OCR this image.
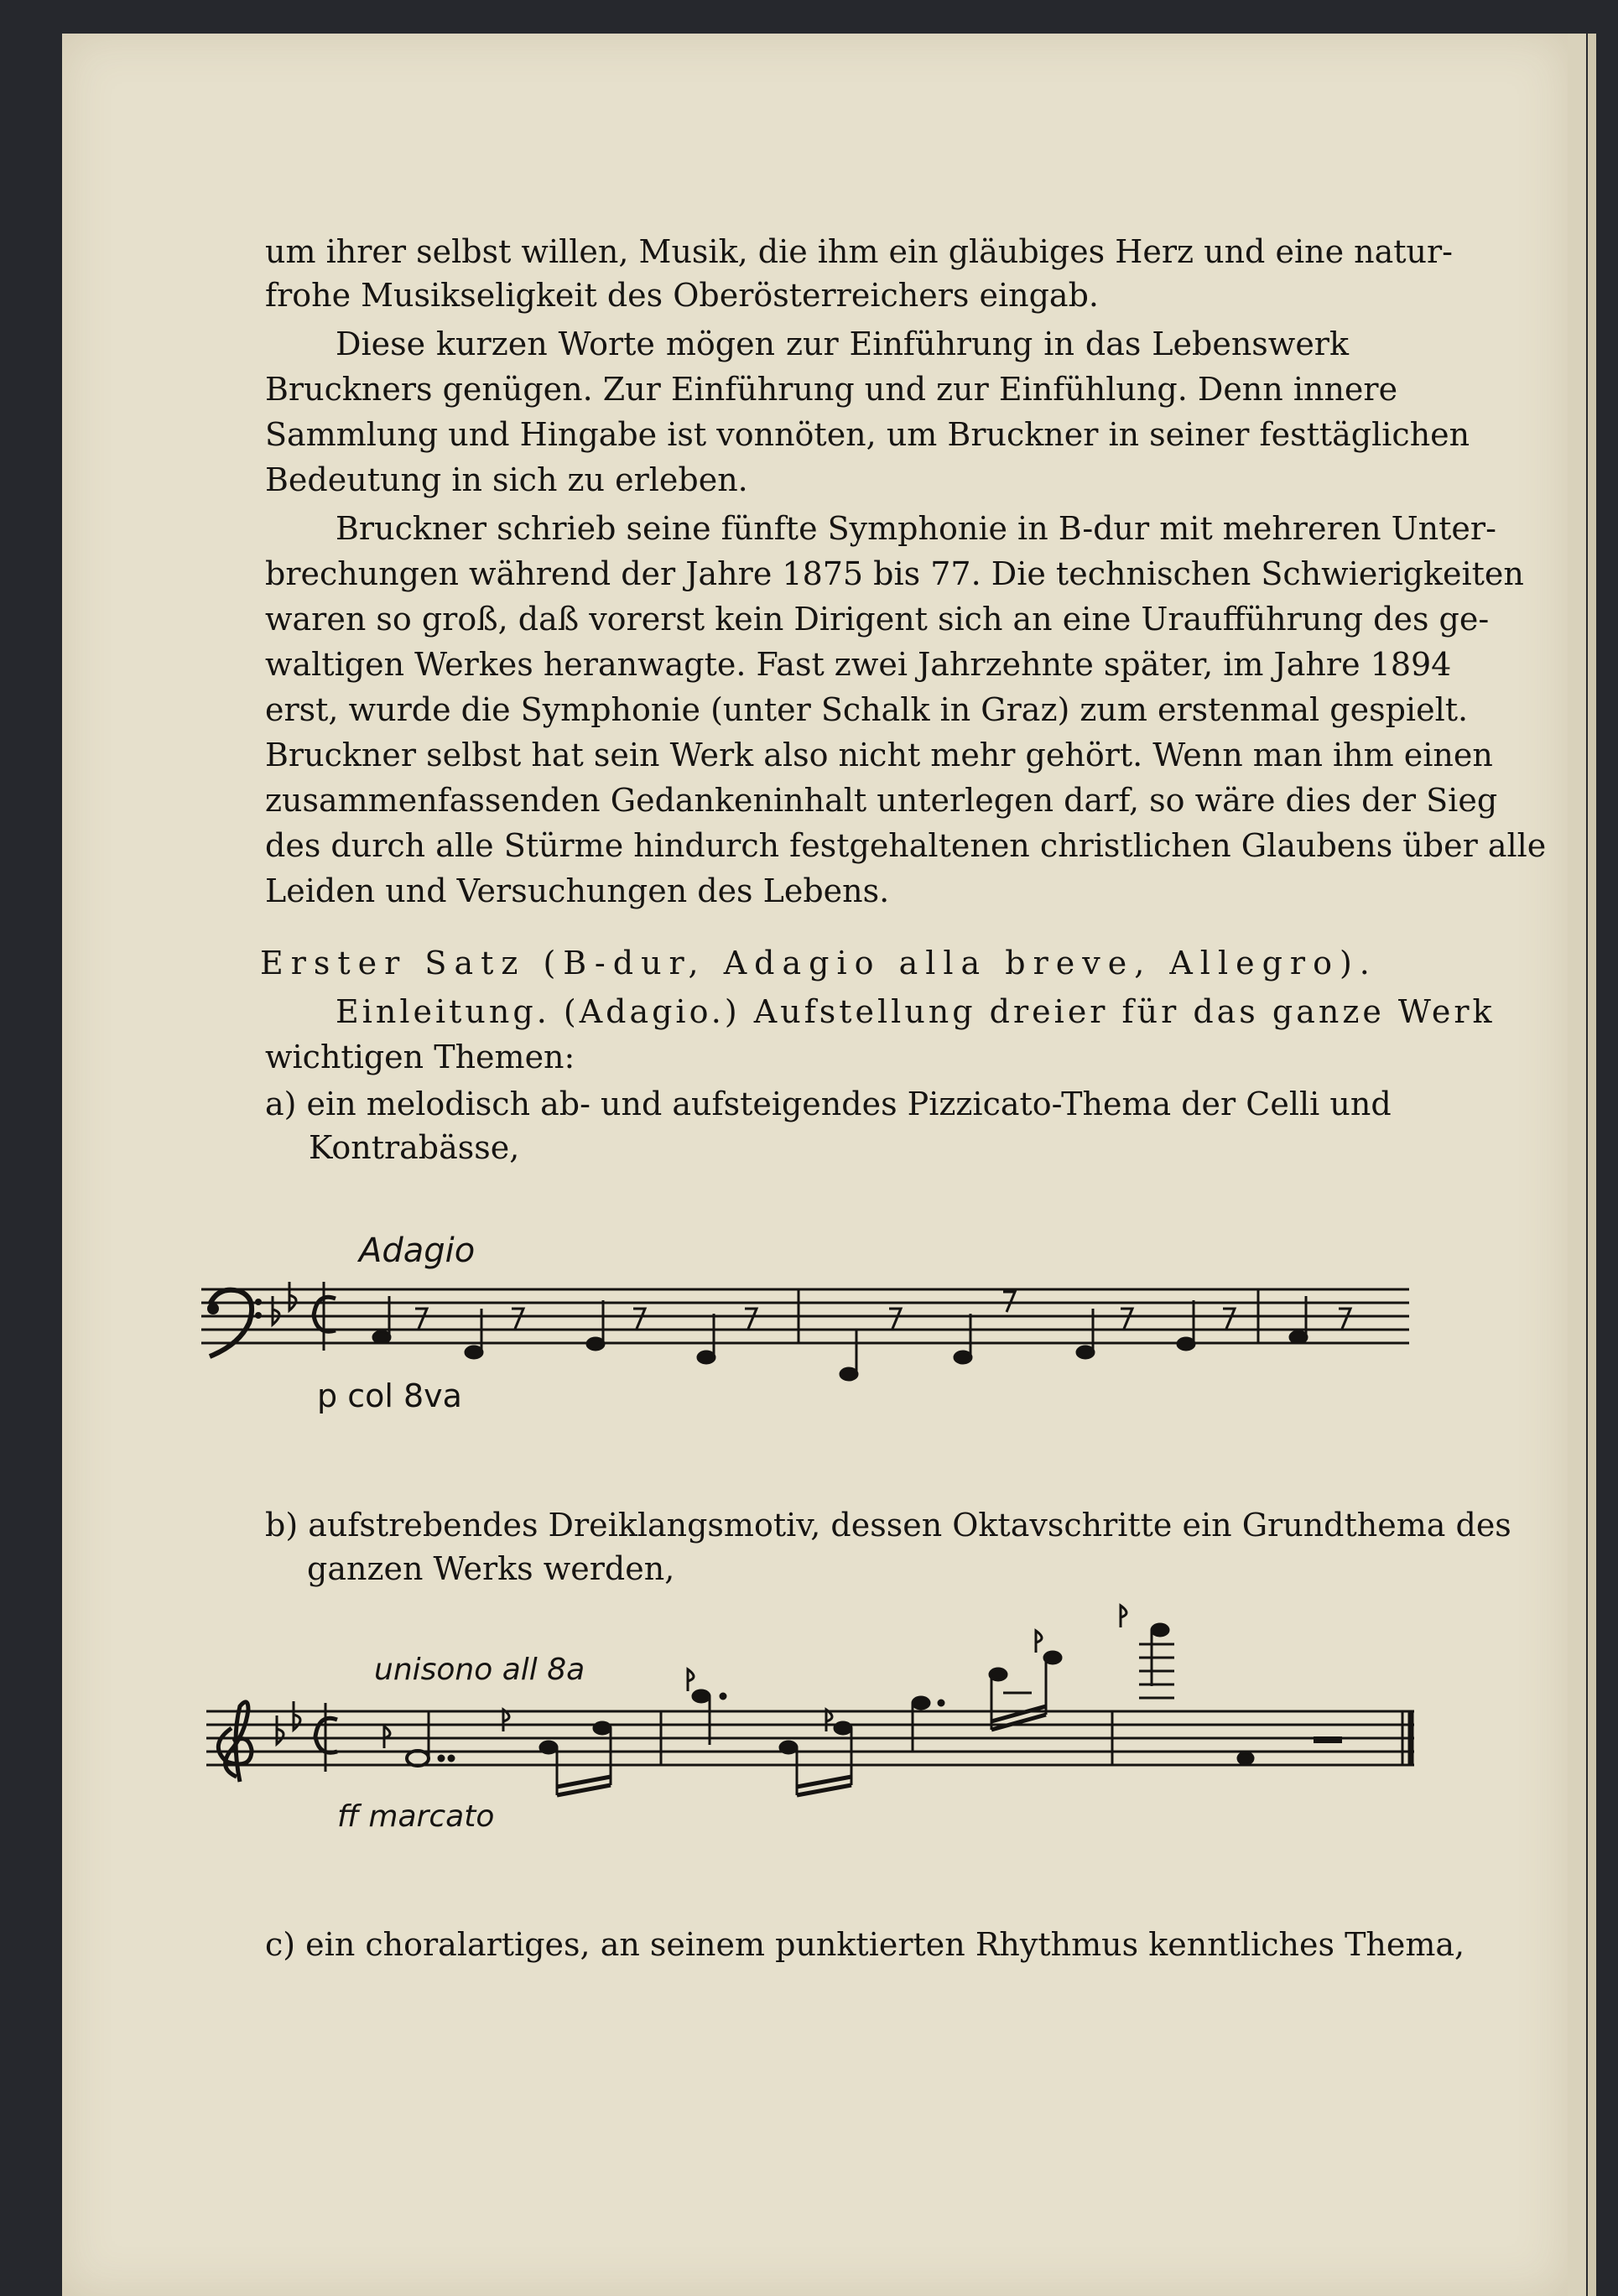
um ihrer selbst willen, Musik, die ihm ein gläubiges Herz und eine natur-
frohe Musikseligkeit des Oberösterreichers eingab.
Diese kurzen Worte mögen zur Einführung in das Lebenswerk
Bruckners genügen. Zur Einführung und zur Einfühlung. Denn innere
Sammlung und Hingabe ist vonnöten, um Bruckner in seiner festtäglichen
Bedeutung in sich zu erleben.
Bruckner schrieb seine fünfte Symphonie in B-dur mit mehreren Unter-
brechungen während der Jahre 1875 bis 77. Die technischen Schwierigkeiten
waren so groß, daß vorerst kein Dirigent sich an eine Uraufführung des ge-
waltigen Werkes heranwagte. Fast zwei Jahrzehnte später, im Jahre 1894
erst, wurde die Symphonie (unter Schalk in Graz) zum erstenmal gespielt.
Bruckner selbst hat sein Werk also nicht mehr gehört. Wenn man ihm einen
zusammenfassenden Gedankeninhalt unterlegen darf, so wäre dies der Sieg
des durch alle Stürme hindurch festgehaltenen christlichen Glaubens über alle
Leiden und Versuchungen des Lebens.
Erster Satz (B-dur, Adagio alla breve, Allegro).
Einleitung. (Adagio.) Aufstellung dreier für das ganze Werk
wichtigen Themen:
a) ein melodisch ab- und aufsteigendes Pizzicato-Thema der Celli und
Kontrabässe,
Adagio
p col 8va
b) aufstrebendes Dreiklangsmotiv, dessen Oktavschritte ein Grundthema des
ganzen Werks werden,
unisono all 8a
ff marcato
c) ein choralartiges, an seinem punktierten Rhythmus kenntliches Thema,
